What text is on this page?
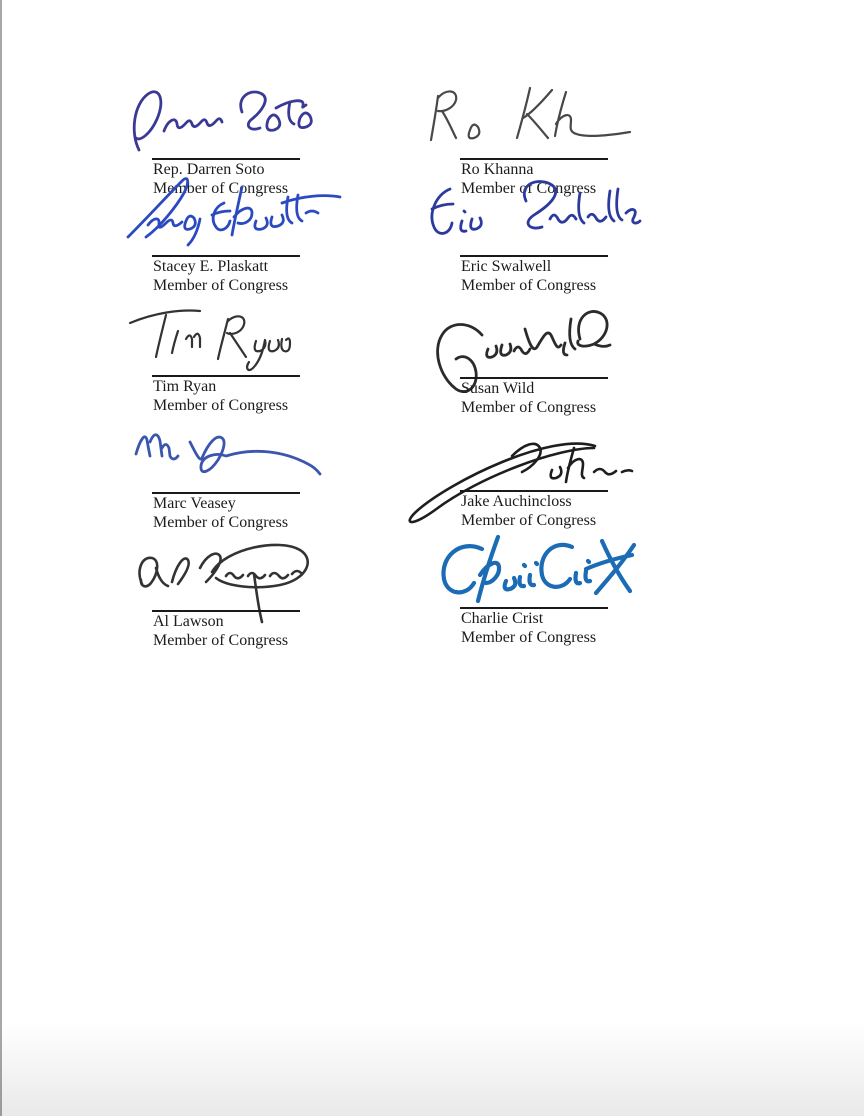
Rep. Darren Soto
Member of Congress
Ro Khanna
Member of Congress
Stacey E. Plaskatt
Member of Congress
Eric Swalwell
Member of Congress
Tim Ryan
Member of Congress
Susan Wild
Member of Congress
Marc Veasey
Member of Congress
Jake Auchincloss
Member of Congress
Al Lawson
Member of Congress
Charlie Crist
Member of Congress
